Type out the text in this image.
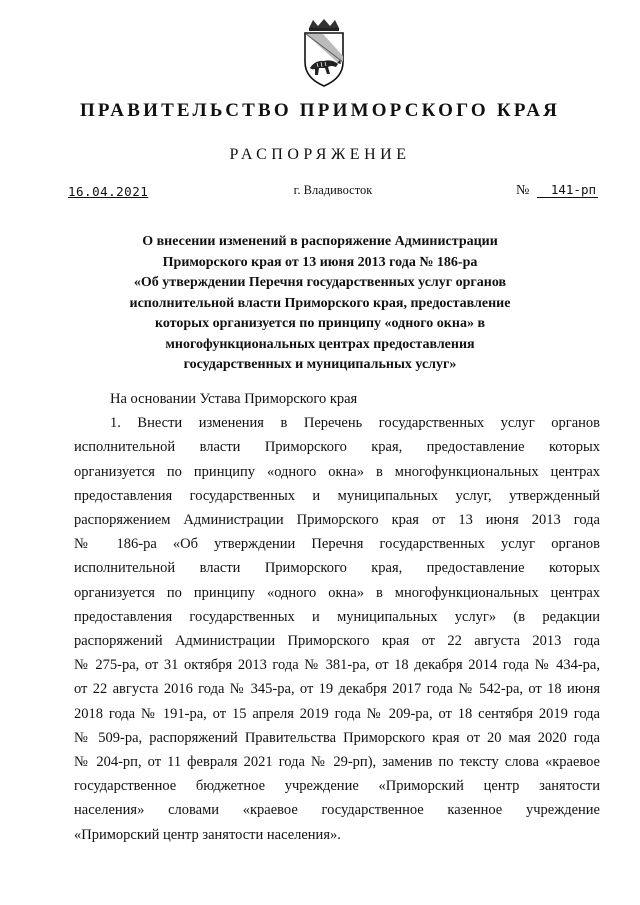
ПРАВИТЕЛЬСТВО ПРИМОРСКОГО КРАЯ
РАСПОРЯЖЕНИЕ
16.04.2021	г. Владивосток	№ 141-рп
О внесении изменений в распоряжение Администрации
Приморского края от 13 июня 2013 года № 186-ра
«Об утверждении Перечня государственных услуг органов
исполнительной власти Приморского края, предоставление
которых организуется по принципу «одного окна» в
многофункциональных центрах предоставления
государственных и муниципальных услуг»
На основании Устава Приморского края
1. Внести изменения в Перечень государственных услуг органов
исполнительной власти Приморского края, предоставление которых
организуется по принципу «одного окна» в многофункциональных центрах
предоставления государственных и муниципальных услуг, утвержденный
распоряжением Администрации Приморского края от 13 июня 2013 года
№ 186-ра «Об утверждении Перечня государственных услуг органов
исполнительной власти Приморского края, предоставление которых
организуется по принципу «одного окна» в многофункциональных центрах
предоставления государственных и муниципальных услуг» (в редакции
распоряжений Администрации Приморского края от 22 августа 2013 года
№ 275-ра, от 31 октября 2013 года № 381-ра, от 18 декабря 2014 года № 434-ра,
от 22 августа 2016 года № 345-ра, от 19 декабря 2017 года № 542-ра, от 18 июня
2018 года № 191-ра, от 15 апреля 2019 года № 209-ра, от 18 сентября 2019 года
№ 509-ра, распоряжений Правительства Приморского края от 20 мая 2020 года
№ 204-рп, от 11 февраля 2021 года № 29-рп), заменив по тексту слова «краевое
государственное бюджетное учреждение «Приморский центр занятости
населения» словами «краевое государственное казенное учреждение
«Приморский центр занятости населения».
